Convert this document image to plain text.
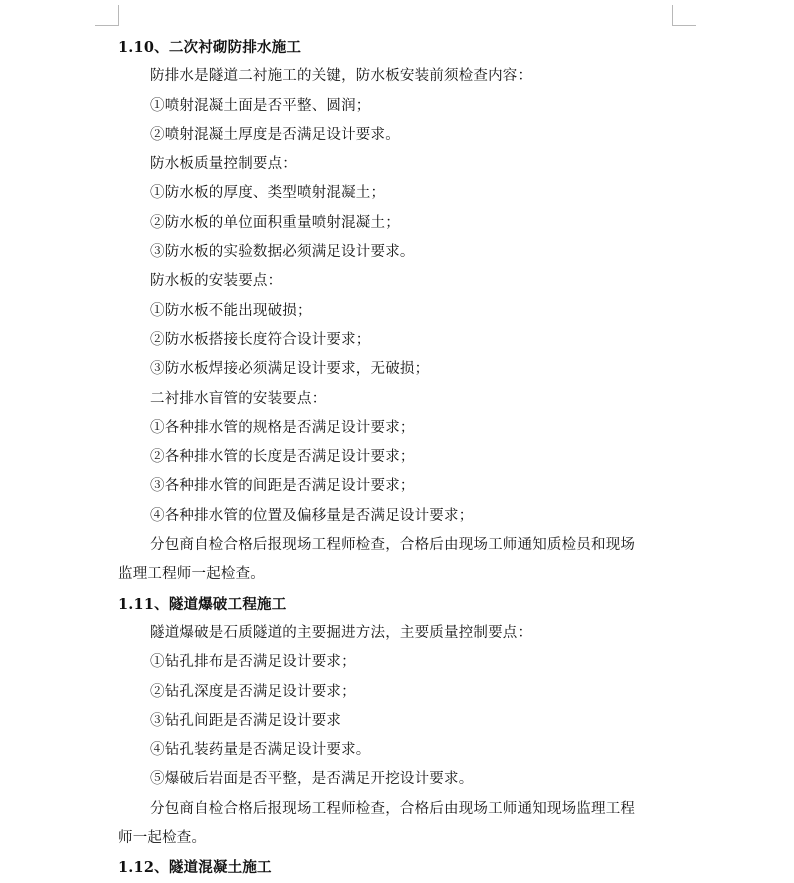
1.10、二次衬砌防排水施工
防排水是隧道二衬施工的关键，防水板安装前须检查内容：
①喷射混凝土面是否平整、圆润；
②喷射混凝土厚度是否满足设计要求。
防水板质量控制要点：
①防水板的厚度、类型喷射混凝土；
②防水板的单位面积重量喷射混凝土；
③防水板的实验数据必须满足设计要求。
防水板的安装要点：
①防水板不能出现破损；
②防水板搭接长度符合设计要求；
③防水板焊接必须满足设计要求，无破损；
二衬排水盲管的安装要点：
①各种排水管的规格是否满足设计要求；
②各种排水管的长度是否满足设计要求；
③各种排水管的间距是否满足设计要求；
④各种排水管的位置及偏移量是否满足设计要求；
分包商自检合格后报现场工程师检查，合格后由现场工师通知质检员和现场
监理工程师一起检查。
1.11、隧道爆破工程施工
隧道爆破是石质隧道的主要掘进方法，主要质量控制要点：
①钻孔排布是否满足设计要求；
②钻孔深度是否满足设计要求；
③钻孔间距是否满足设计要求
④钻孔装药量是否满足设计要求。
⑤爆破后岩面是否平整，是否满足开挖设计要求。
分包商自检合格后报现场工程师检查，合格后由现场工师通知现场监理工程
师一起检查。
1.12、隧道混凝土施工
